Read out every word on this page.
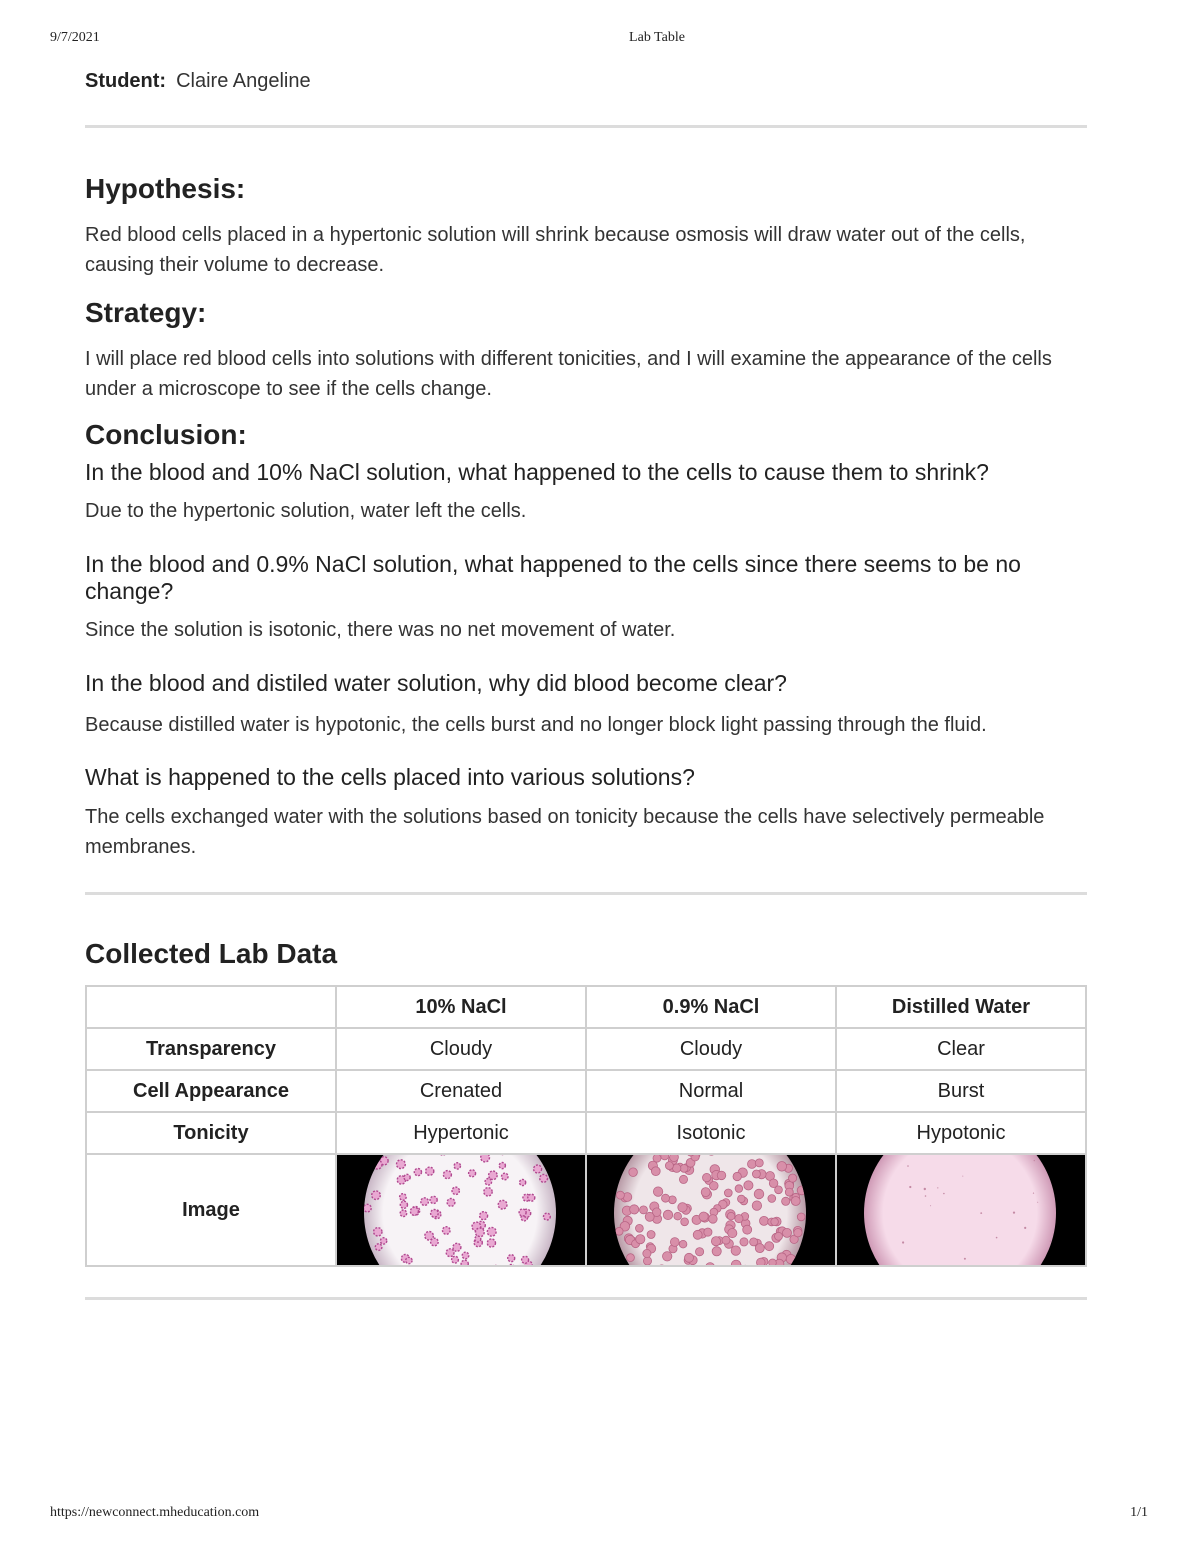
9/7/2021	Lab Table
Student: Claire Angeline
Hypothesis:

Red blood cells placed in a hypertonic solution will shrink because osmosis will draw water out of the cells, causing their volume to decrease.

Strategy:

I will place red blood cells into solutions with different tonicities, and I will examine the appearance of the cells under a microscope to see if the cells change.

Conclusion:
In the blood and 10% NaCl solution, what happened to the cells to cause them to shrink?

Due to the hypertonic solution, water left the cells.

In the blood and 0.9% NaCl solution, what happened to the cells since there seems to be no change?

Since the solution is isotonic, there was no net movement of water.

In the blood and distiled water solution, why did blood become clear?

Because distilled water is hypotonic, the cells burst and no longer block light passing through the fluid.

What is happened to the cells placed into various solutions?

The cells exchanged water with the solutions based on tonicity because the cells have selectively permeable membranes.

Collected Lab Data
	10% NaCl	0.9% NaCl	Distilled Water
Transparency	Cloudy	Cloudy	Clear
Cell Appearance	Crenated	Normal	Burst
Tonicity	Hypertonic	Isotonic	Hypotonic
Image	

https://newconnect.mheducation.com	1/1
